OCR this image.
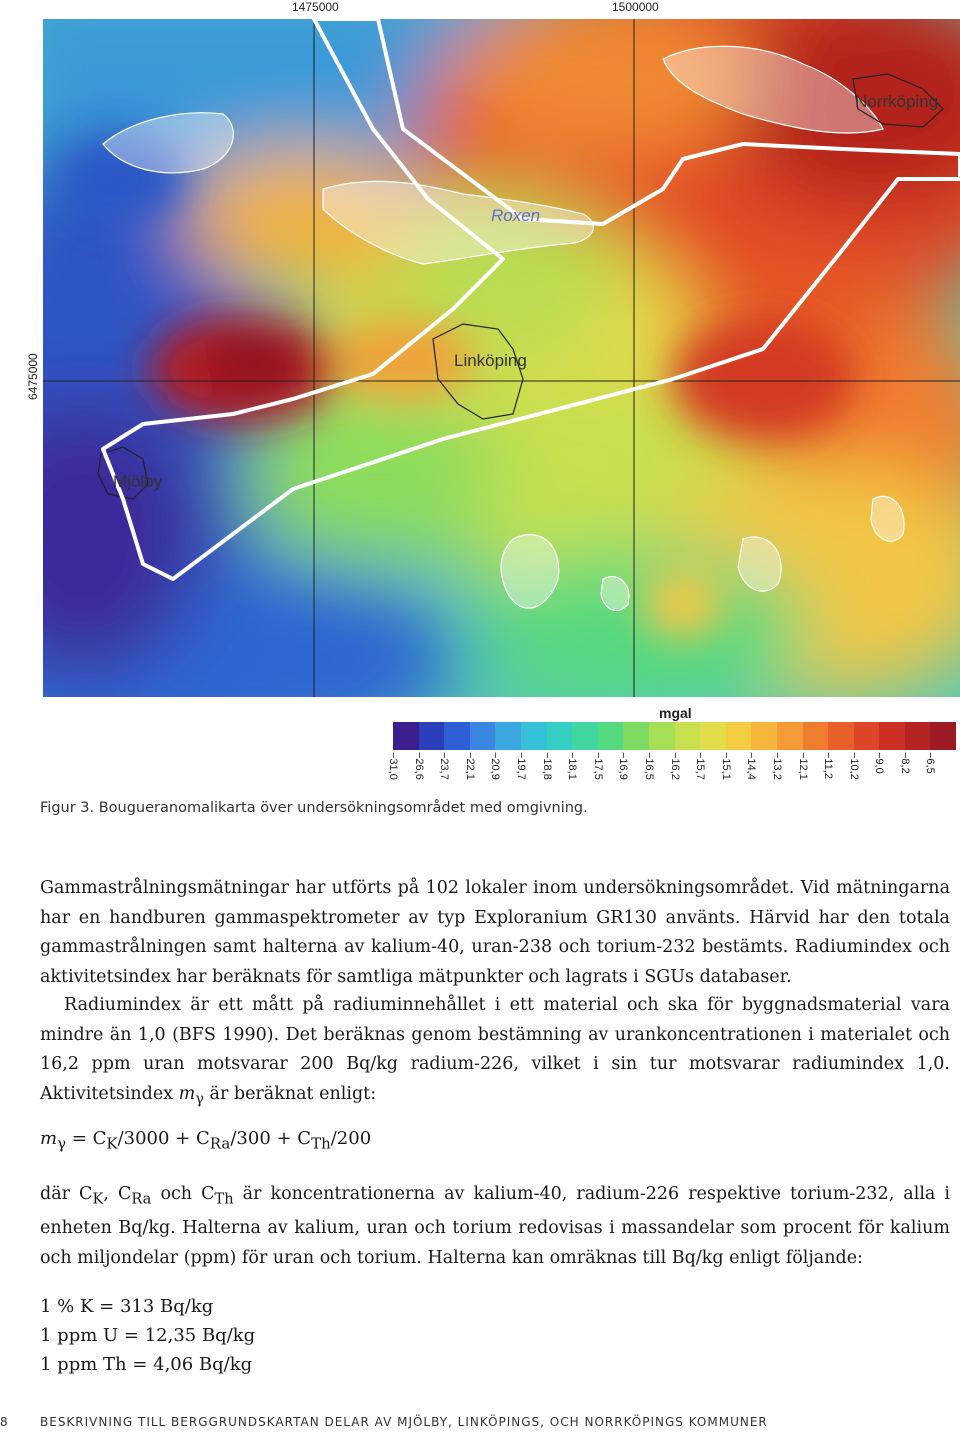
1475000	1500000
6475000
Norrköping
Roxen
Linköping
Mjölby
mgal
−31,0 −26,6 −23,7 −22,1 −20,9 −19,7 −18,8 −18,1 −17,5 −16,9 −16,5 −16,2 −15,7 −15,1 −14,4 −13,2 −12,1 −11,2 −10,2 −9,0 −8,2 −6,5
Figur 3. Bougueranomalikarta över undersökningsområdet med omgivning.

Gammastrålningsmätningar har utförts på 102 lokaler inom undersökningsområdet. Vid mätningarna har en handburen gammaspektrometer av typ Exploranium GR130 använts. Härvid har den totala gammastrålningen samt halterna av kalium-40, uran-238 och torium-232 bestämts. Radiumindex och aktivitetsindex har beräknats för samtliga mätpunkter och lagrats i SGUs databaser.

Radiumindex är ett mått på radiuminnehållet i ett material och ska för byggnadsmaterial vara mindre än 1,0 (BFS 1990). Det beräknas genom bestämning av urankoncentrationen i materialet och 16,2 ppm uran motsvarar 200 Bq/kg radium-226, vilket i sin tur motsvarar radiumindex 1,0. Aktivitetsindex $m_\gamma$ är beräknat enligt:

$m_\gamma = C_K/3000 + C_{Ra}/300 + C_{Th}/200$

där $C_K$, $C_{Ra}$ och $C_{Th}$ är koncentrationerna av kalium-40, radium-226 respektive torium-232, alla i enheten Bq/kg. Halterna av kalium, uran och torium redovisas i massandelar som procent för kalium och miljondelar (ppm) för uran och torium. Halterna kan omräknas till Bq/kg enligt följande:

1 % K = 313 Bq/kg
1 ppm U = 12,35 Bq/kg
1 ppm Th = 4,06 Bq/kg
8	BESKRIVNING TILL BERGGRUNDSKARTAN DELAR AV MJÖLBY, LINKÖPINGS, OCH NORRKÖPINGS KOMMUNER
